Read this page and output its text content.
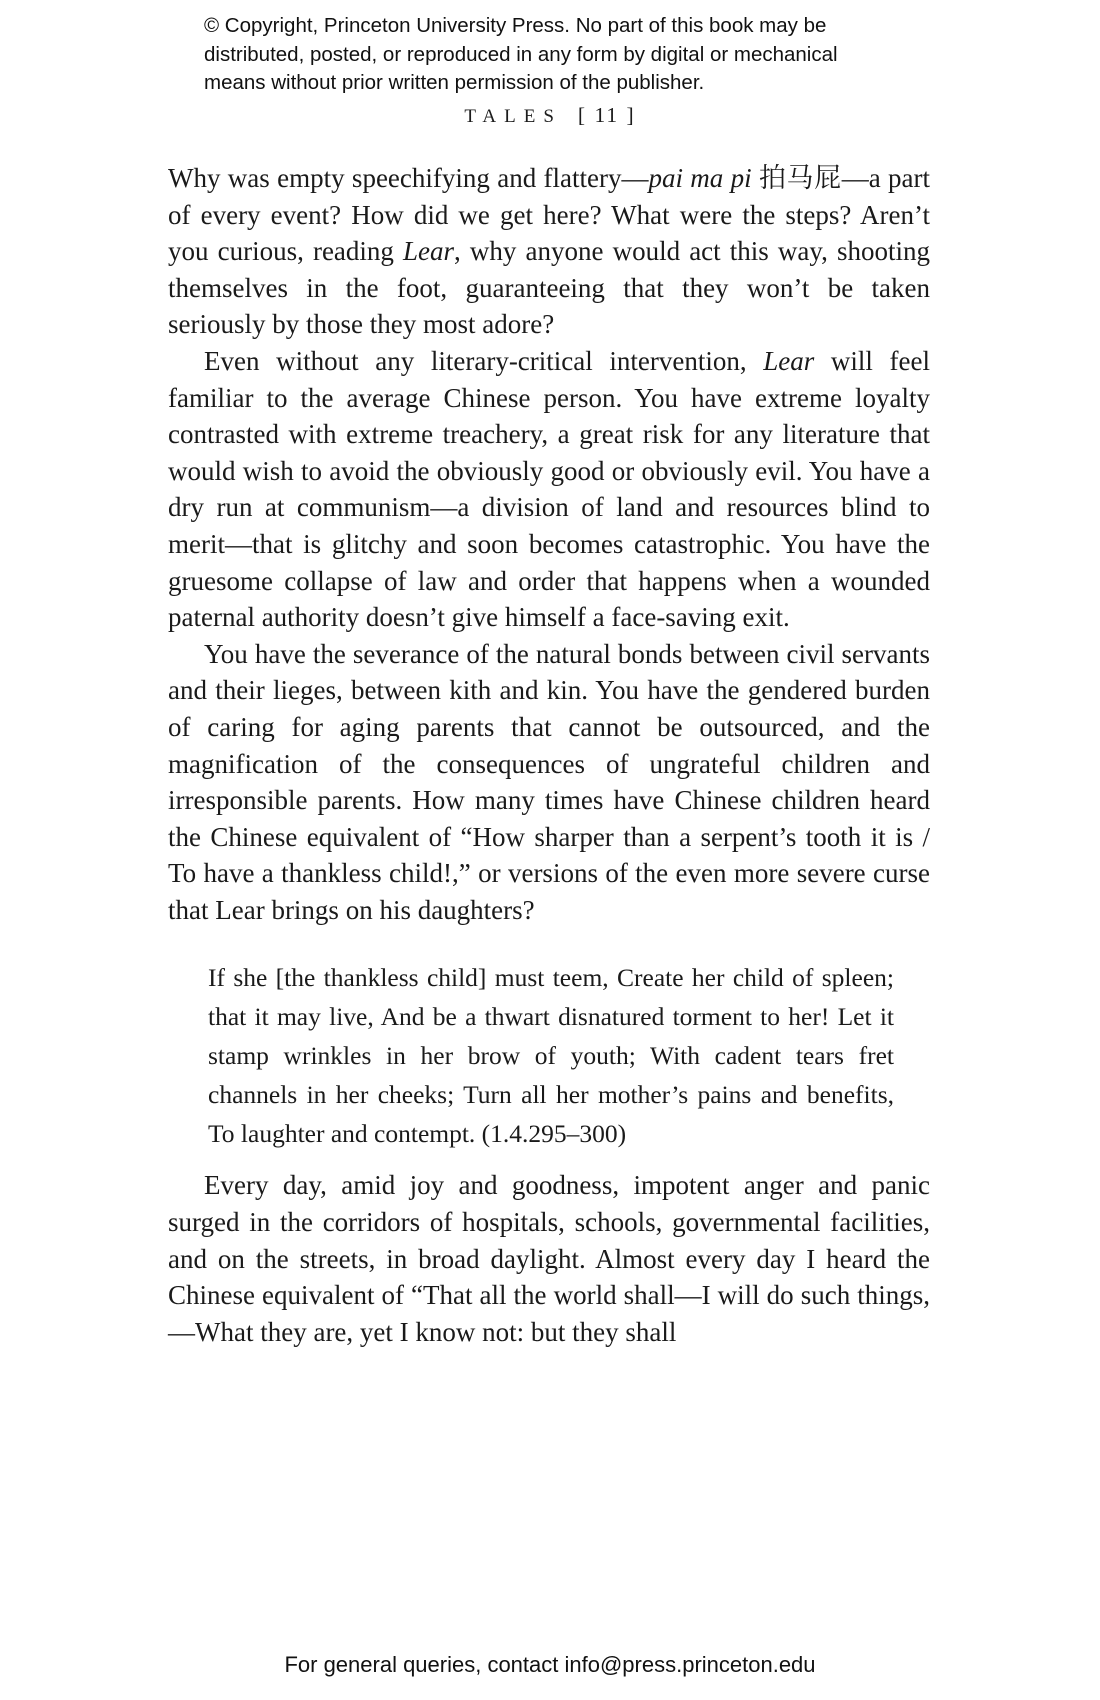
© Copyright, Princeton University Press. No part of this book may be
distributed, posted, or reproduced in any form by digital or mechanical
means without prior written permission of the publisher.
TALES [ 11 ]

Why was empty speechifying and flattery—pai ma pi 拍马屁—a part of every event? How did we get here? What were the steps? Aren’t you curious, reading Lear, why anyone would act this way, shooting themselves in the foot, guaranteeing that they won’t be taken seriously by those they most adore?

Even without any literary-critical intervention, Lear will feel familiar to the average Chinese person. You have extreme loyalty contrasted with extreme treachery, a great risk for any literature that would wish to avoid the obviously good or obviously evil. You have a dry run at communism—a division of land and resources blind to merit—that is glitchy and soon becomes catastrophic. You have the gruesome collapse of law and order that happens when a wounded paternal authority doesn’t give himself a face-saving exit.

You have the severance of the natural bonds between civil servants and their lieges, between kith and kin. You have the gendered burden of caring for aging parents that cannot be outsourced, and the magnification of the consequences of ungrateful children and irresponsible parents. How many times have Chinese children heard the Chinese equivalent of “How sharper than a serpent’s tooth it is / To have a thankless child!,” or versions of the even more severe curse that Lear brings on his daughters?

If she [the thankless child] must teem, Create her child of spleen; that it may live, And be a thwart disnatured torment to her! Let it stamp wrinkles in her brow of youth; With cadent tears fret channels in her cheeks; Turn all her mother’s pains and benefits, To laughter and contempt. (1.4.295–300)

Every day, amid joy and goodness, impotent anger and panic surged in the corridors of hospitals, schools, governmental facilities, and on the streets, in broad daylight. Almost every day I heard the Chinese equivalent of “That all the world shall—I will do such things,—What they are, yet I know not: but they shall

For general queries, contact info@press.princeton.edu
